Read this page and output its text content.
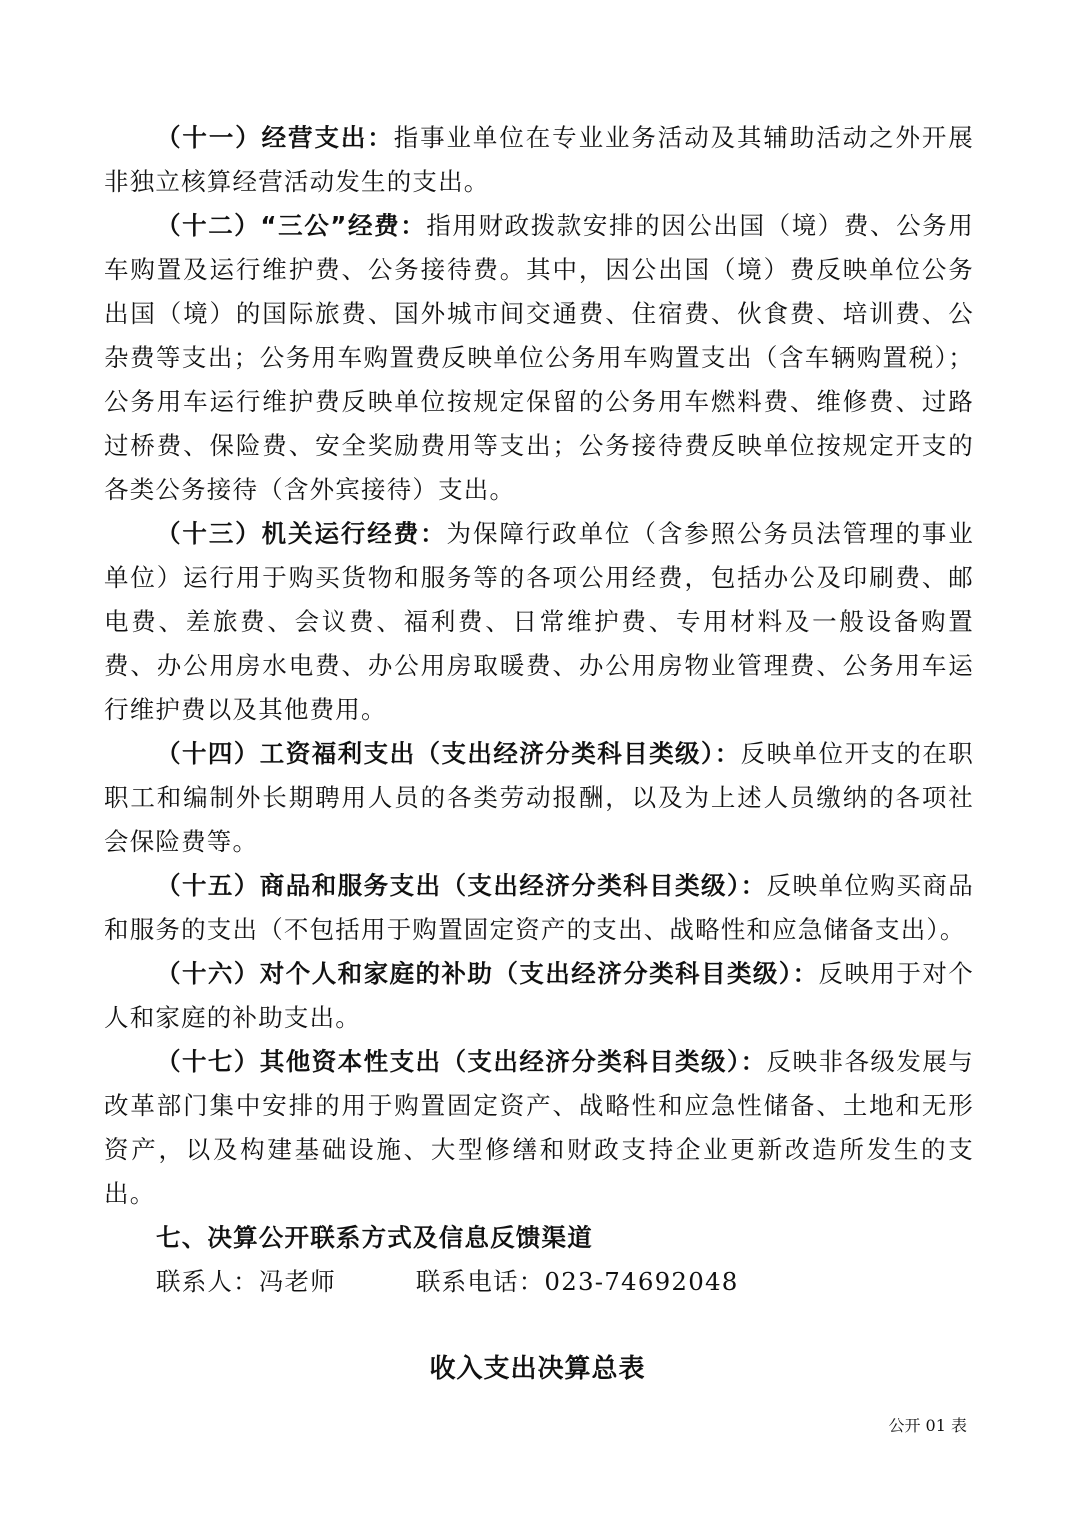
（十一）经营支出：指事业单位在专业业务活动及其辅助活动之外开展非独立核算经营活动发生的支出。

（十二）“三公”经费：指用财政拨款安排的因公出国（境）费、公务用车购置及运行维护费、公务接待费。其中，因公出国（境）费反映单位公务出国（境）的国际旅费、国外城市间交通费、住宿费、伙食费、培训费、公杂费等支出；公务用车购置费反映单位公务用车购置支出（含车辆购置税）；公务用车运行维护费反映单位按规定保留的公务用车燃料费、维修费、过路过桥费、保险费、安全奖励费用等支出；公务接待费反映单位按规定开支的各类公务接待（含外宾接待）支出。

（十三）机关运行经费：为保障行政单位（含参照公务员法管理的事业单位）运行用于购买货物和服务等的各项公用经费，包括办公及印刷费、邮电费、差旅费、会议费、福利费、日常维护费、专用材料及一般设备购置费、办公用房水电费、办公用房取暖费、办公用房物业管理费、公务用车运行维护费以及其他费用。

（十四）工资福利支出（支出经济分类科目类级）：反映单位开支的在职职工和编制外长期聘用人员的各类劳动报酬，以及为上述人员缴纳的各项社会保险费等。

（十五）商品和服务支出（支出经济分类科目类级）：反映单位购买商品和服务的支出（不包括用于购置固定资产的支出、战略性和应急储备支出）。

（十六）对个人和家庭的补助（支出经济分类科目类级）：反映用于对个人和家庭的补助支出。

（十七）其他资本性支出（支出经济分类科目类级）：反映非各级发展与改革部门集中安排的用于购置固定资产、战略性和应急性储备、土地和无形资产，以及构建基础设施、大型修缮和财政支持企业更新改造所发生的支出。

七、决算公开联系方式及信息反馈渠道

联系人：冯老师	联系电话：023-74692048

收入支出决算总表

公开 01 表
